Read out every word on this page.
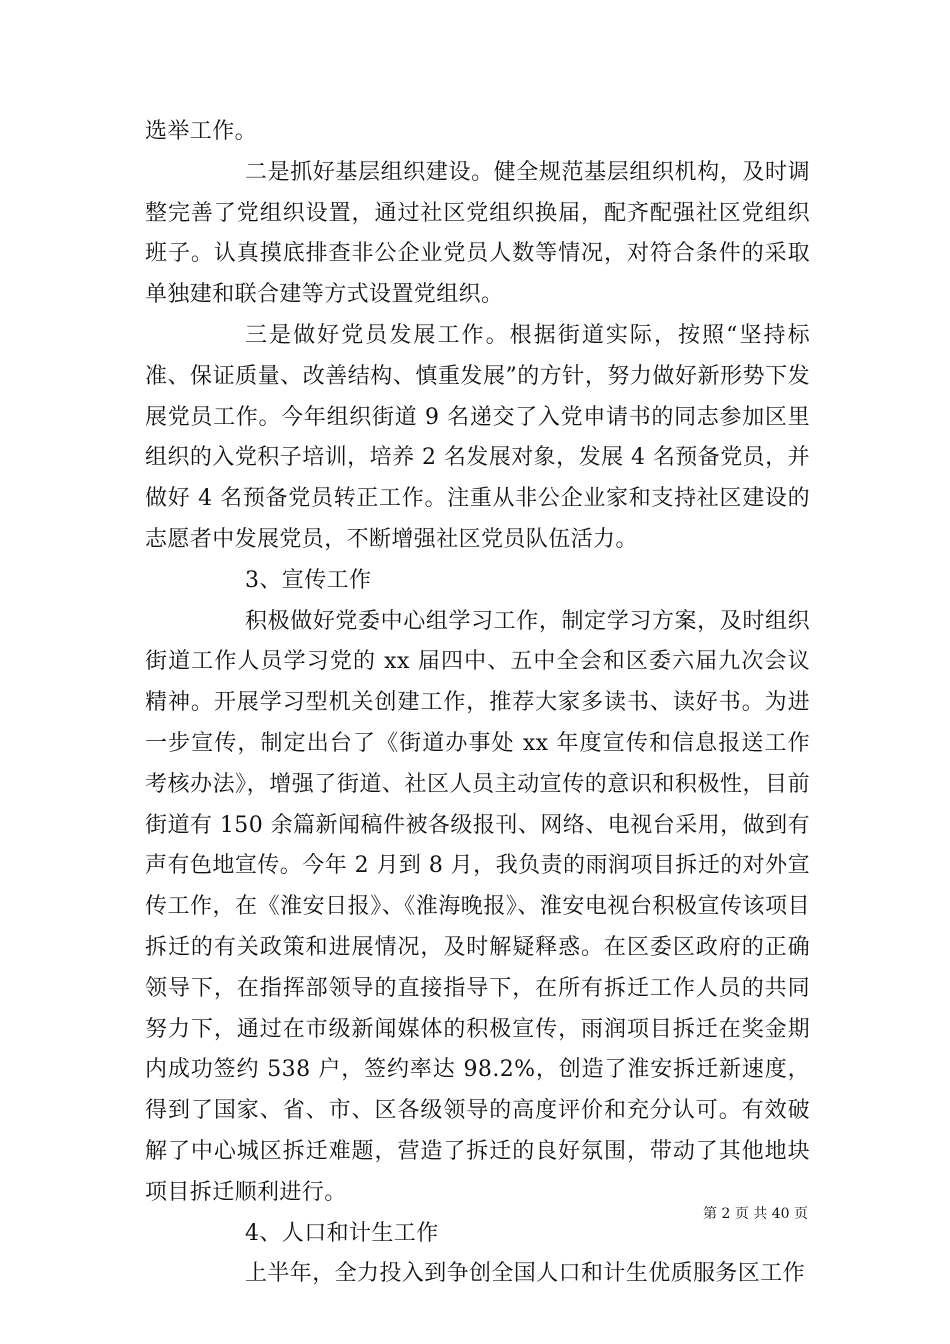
选举工作。

二是抓好基层组织建设。健全规范基层组织机构，及时调整完善了党组织设置，通过社区党组织换届，配齐配强社区党组织班子。认真摸底排查非公企业党员人数等情况，对符合条件的采取单独建和联合建等方式设置党组织。

三是做好党员发展工作。根据街道实际，按照“坚持标准、保证质量、改善结构、慎重发展”的方针，努力做好新形势下发展党员工作。今年组织街道 9 名递交了入党申请书的同志参加区里组织的入党积子培训，培养 2 名发展对象，发展 4 名预备党员，并做好 4 名预备党员转正工作。注重从非公企业家和支持社区建设的志愿者中发展党员，不断增强社区党员队伍活力。

3、宣传工作

积极做好党委中心组学习工作，制定学习方案，及时组织街道工作人员学习党的 xx 届四中、五中全会和区委六届九次会议精神。开展学习型机关创建工作，推荐大家多读书、读好书。为进一步宣传，制定出台了《街道办事处 xx 年度宣传和信息报送工作考核办法》，增强了街道、社区人员主动宣传的意识和积极性，目前街道有 150 余篇新闻稿件被各级报刊、网络、电视台采用，做到有声有色地宣传。今年 2 月到 8 月，我负责的雨润项目拆迁的对外宣传工作，在《淮安日报》、《淮海晚报》、淮安电视台积极宣传该项目拆迁的有关政策和进展情况，及时解疑释惑。在区委区政府的正确领导下，在指挥部领导的直接指导下，在所有拆迁工作人员的共同努力下，通过在市级新闻媒体的积极宣传，雨润项目拆迁在奖金期内成功签约 538 户，签约率达 98.2%，创造了淮安拆迁新速度，得到了国家、省、市、区各级领导的高度评价和充分认可。有效破解了中心城区拆迁难题，营造了拆迁的良好氛围，带动了其他地块项目拆迁顺利进行。

4、人口和计生工作

上半年，全力投入到争创全国人口和计生优质服务区工作

第 2 页 共 40 页
